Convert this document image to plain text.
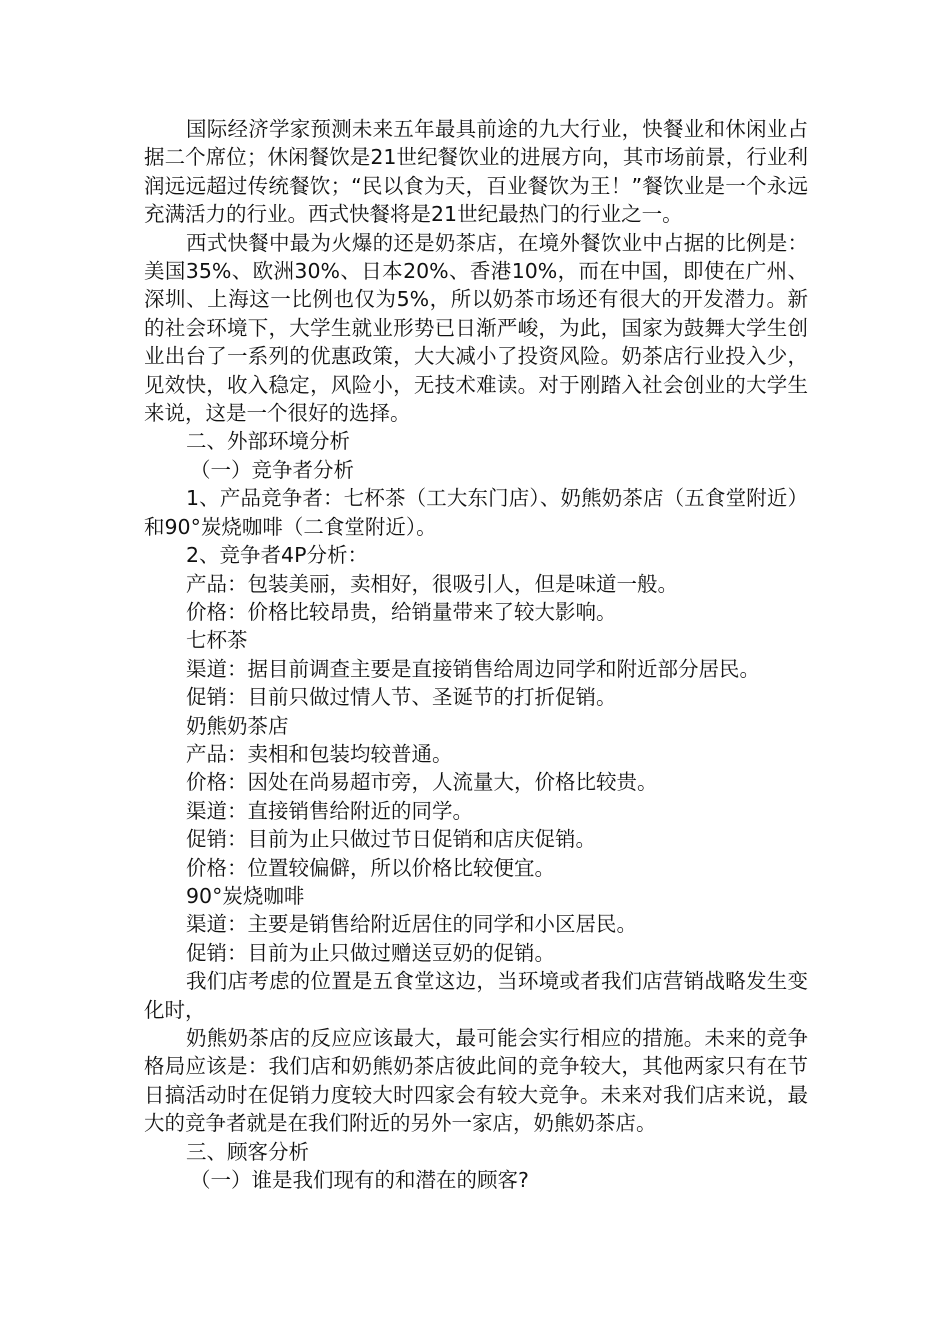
国际经济学家预测未来五年最具前途的九大行业，快餐业和休闲业占据二个席位；休闲餐饮是21世纪餐饮业的进展方向，其市场前景，行业利润远远超过传统餐饮；“民以食为天，百业餐饮为王！”餐饮业是一个永远充满活力的行业。西式快餐将是21世纪最热门的行业之一。

西式快餐中最为火爆的还是奶茶店，在境外餐饮业中占据的比例是：美国35%、欧洲30%、日本20%、香港10%，而在中国，即使在广州、深圳、上海这一比例也仅为5%，所以奶茶市场还有很大的开发潜力。新的社会环境下，大学生就业形势已日渐严峻，为此，国家为鼓舞大学生创业出台了一系列的优惠政策，大大减小了投资风险。奶茶店行业投入少，见效快，收入稳定，风险小，无技术难读。对于刚踏入社会创业的大学生来说，这是一个很好的选择。

二、外部环境分析

（一）竞争者分析

1、产品竞争者：七杯茶（工大东门店）、奶熊奶茶店（五食堂附近）和90°炭烧咖啡（二食堂附近）。

2、竞争者4P分析：

产品：包装美丽，卖相好，很吸引人，但是味道一般。

价格：价格比较昂贵，给销量带来了较大影响。

七杯茶

渠道：据目前调查主要是直接销售给周边同学和附近部分居民。

促销：目前只做过情人节、圣诞节的打折促销。

奶熊奶茶店

产品：卖相和包装均较普通。

价格：因处在尚易超市旁，人流量大，价格比较贵。

渠道：直接销售给附近的同学。

促销：目前为止只做过节日促销和店庆促销。

价格：位置较偏僻，所以价格比较便宜。

90°炭烧咖啡

渠道：主要是销售给附近居住的同学和小区居民。

促销：目前为止只做过赠送豆奶的促销。

我们店考虑的位置是五食堂这边，当环境或者我们店营销战略发生变化时，

奶熊奶茶店的反应应该最大，最可能会实行相应的措施。未来的竞争格局应该是：我们店和奶熊奶茶店彼此间的竞争较大，其他两家只有在节日搞活动时在促销力度较大时四家会有较大竞争。未来对我们店来说，最大的竞争者就是在我们附近的另外一家店，奶熊奶茶店。

三、顾客分析

（一）谁是我们现有的和潜在的顾客?
